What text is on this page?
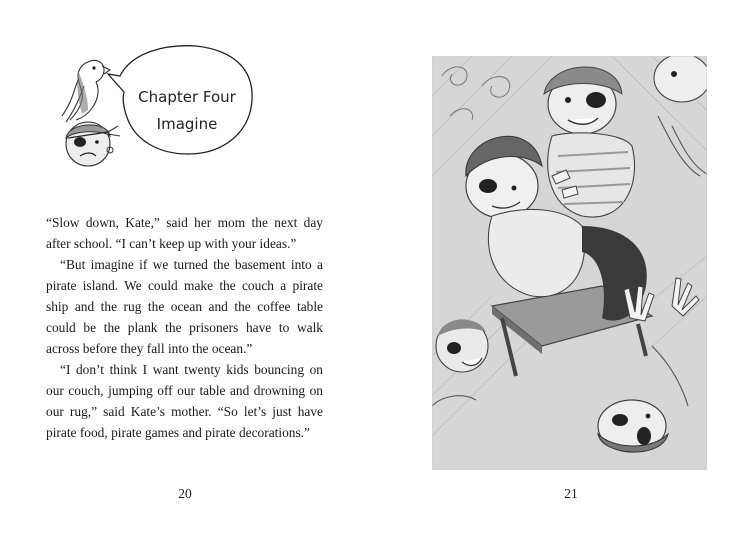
Chapter Four
Imagine

“Slow down, Kate,” said her mom the next day after school. “I can’t keep up with your ideas.”

“But imagine if we turned the basement into a pirate island. We could make the couch a pirate ship and the rug the ocean and the coffee table could be the plank the prisoners have to walk across before they fall into the ocean.”

“I don’t think I want twenty kids bouncing on our couch, jumping off our table and drowning on our rug,” said Kate’s mother. “So let’s just have pirate food, pirate games and pirate decorations.”

20	21
